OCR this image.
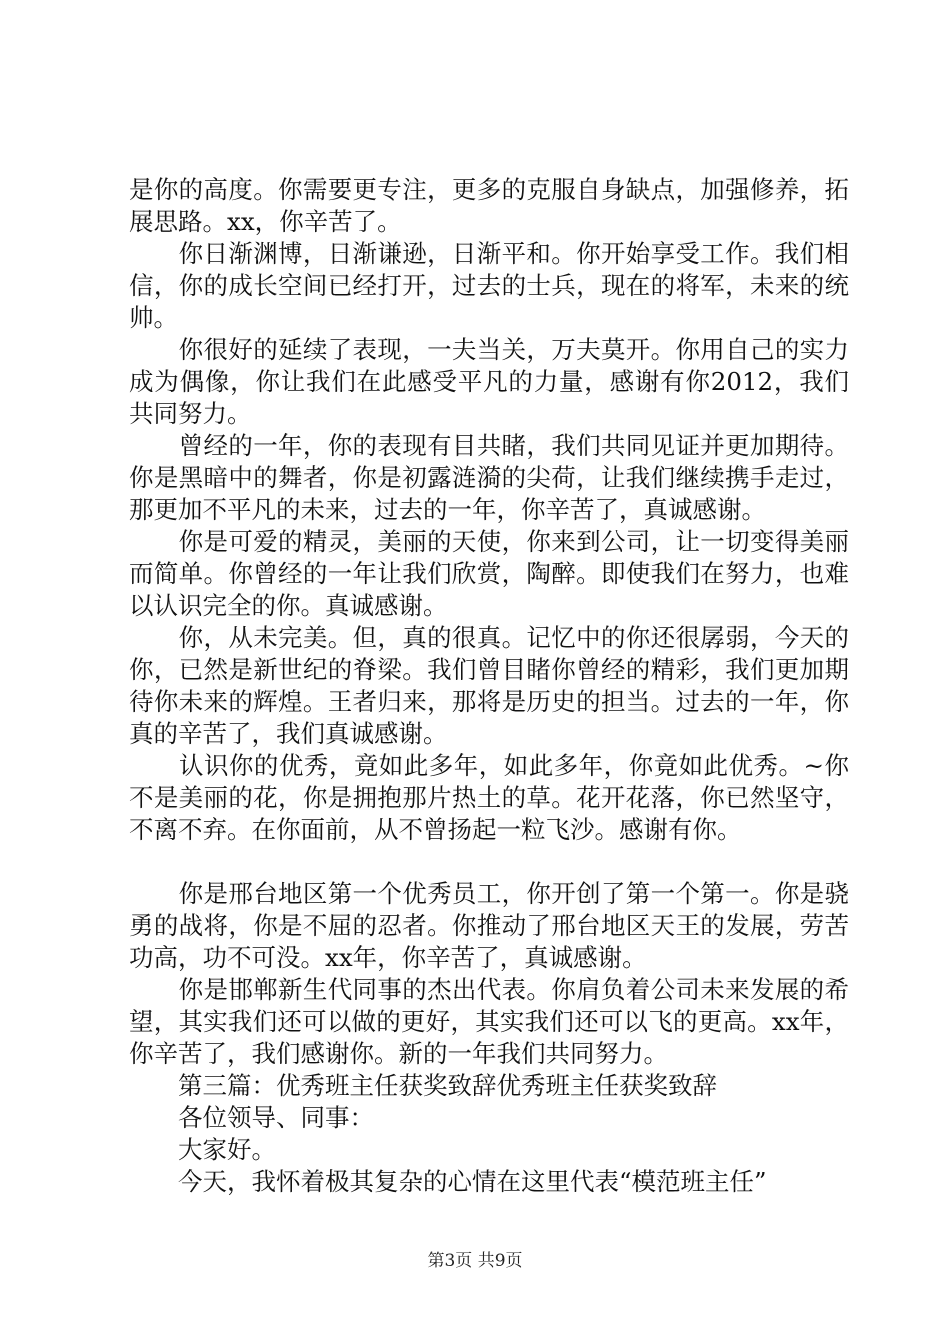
是你的高度。你需要更专注，更多的克服自身缺点，加强修养，拓展思路。xx，你辛苦了。

　　你日渐渊博，日渐谦逊，日渐平和。你开始享受工作。我们相信，你的成长空间已经打开，过去的士兵，现在的将军，未来的统帅。

　　你很好的延续了表现，一夫当关，万夫莫开。你用自己的实力成为偶像，你让我们在此感受平凡的力量，感谢有你2012，我们共同努力。

　　曾经的一年，你的表现有目共睹，我们共同见证并更加期待。你是黑暗中的舞者，你是初露涟漪的尖荷，让我们继续携手走过，那更加不平凡的未来，过去的一年，你辛苦了，真诚感谢。

　　你是可爱的精灵，美丽的天使，你来到公司，让一切变得美丽而简单。你曾经的一年让我们欣赏，陶醉。即使我们在努力，也难以认识完全的你。真诚感谢。

　　你，从未完美。但，真的很真。记忆中的你还很孱弱，今天的你，已然是新世纪的脊梁。我们曾目睹你曾经的精彩，我们更加期待你未来的辉煌。王者归来，那将是历史的担当。过去的一年，你真的辛苦了，我们真诚感谢。

　　认识你的优秀，竟如此多年，如此多年，你竟如此优秀。~你不是美丽的花，你是拥抱那片热土的草。花开花落，你已然坚守，不离不弃。在你面前，从不曾扬起一粒飞沙。感谢有你。

　　你是邢台地区第一个优秀员工，你开创了第一个第一。你是骁勇的战将，你是不屈的忍者。你推动了邢台地区天王的发展，劳苦功高，功不可没。xx年，你辛苦了，真诚感谢。

　　你是邯郸新生代同事的杰出代表。你肩负着公司未来发展的希望，其实我们还可以做的更好，其实我们还可以飞的更高。xx年，你辛苦了，我们感谢你。新的一年我们共同努力。

　　第三篇：优秀班主任获奖致辞优秀班主任获奖致辞

　　各位领导、同事：

　　大家好。

　　今天，我怀着极其复杂的心情在这里代表“模范班主任”

第3页 共9页
